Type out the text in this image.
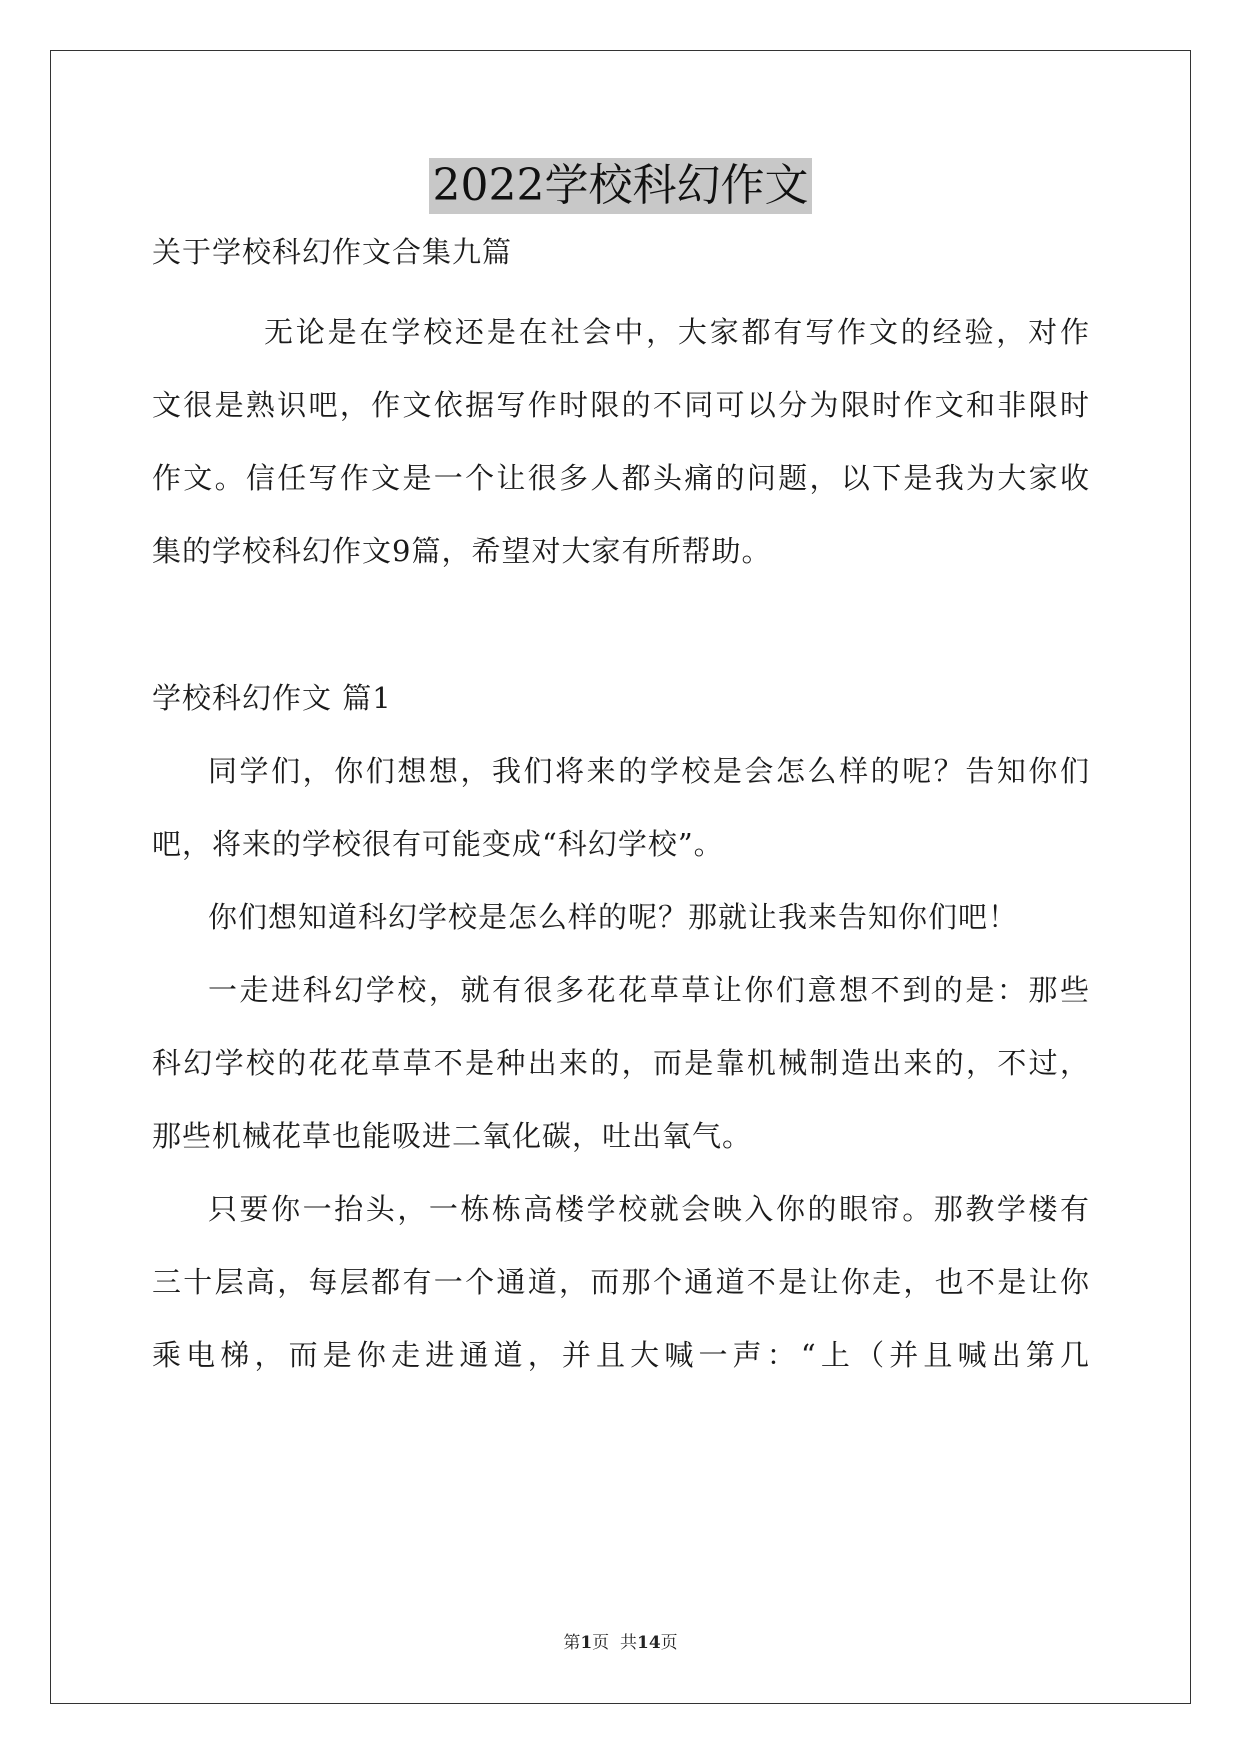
2022学校科幻作文
关于学校科幻作文合集九篇
无论是在学校还是在社会中，大家都有写作文的经验，对作
文很是熟识吧，作文依据写作时限的不同可以分为限时作文和非限时
作文。信任写作文是一个让很多人都头痛的问题，以下是我为大家收
集的学校科幻作文9篇，希望对大家有所帮助。
学校科幻作文 篇1
同学们，你们想想，我们将来的学校是会怎么样的呢？告知你们
吧，将来的学校很有可能变成“科幻学校”。
你们想知道科幻学校是怎么样的呢？那就让我来告知你们吧！
一走进科幻学校，就有很多花花草草让你们意想不到的是：那些
科幻学校的花花草草不是种出来的，而是靠机械制造出来的，不过，
那些机械花草也能吸进二氧化碳，吐出氧气。
只要你一抬头，一栋栋高楼学校就会映入你的眼帘。那教学楼有
三十层高，每层都有一个通道，而那个通道不是让你走，也不是让你
乘电梯，而是你走进通道，并且大喊一声：“上（并且喊出第几
第1页  共14页
